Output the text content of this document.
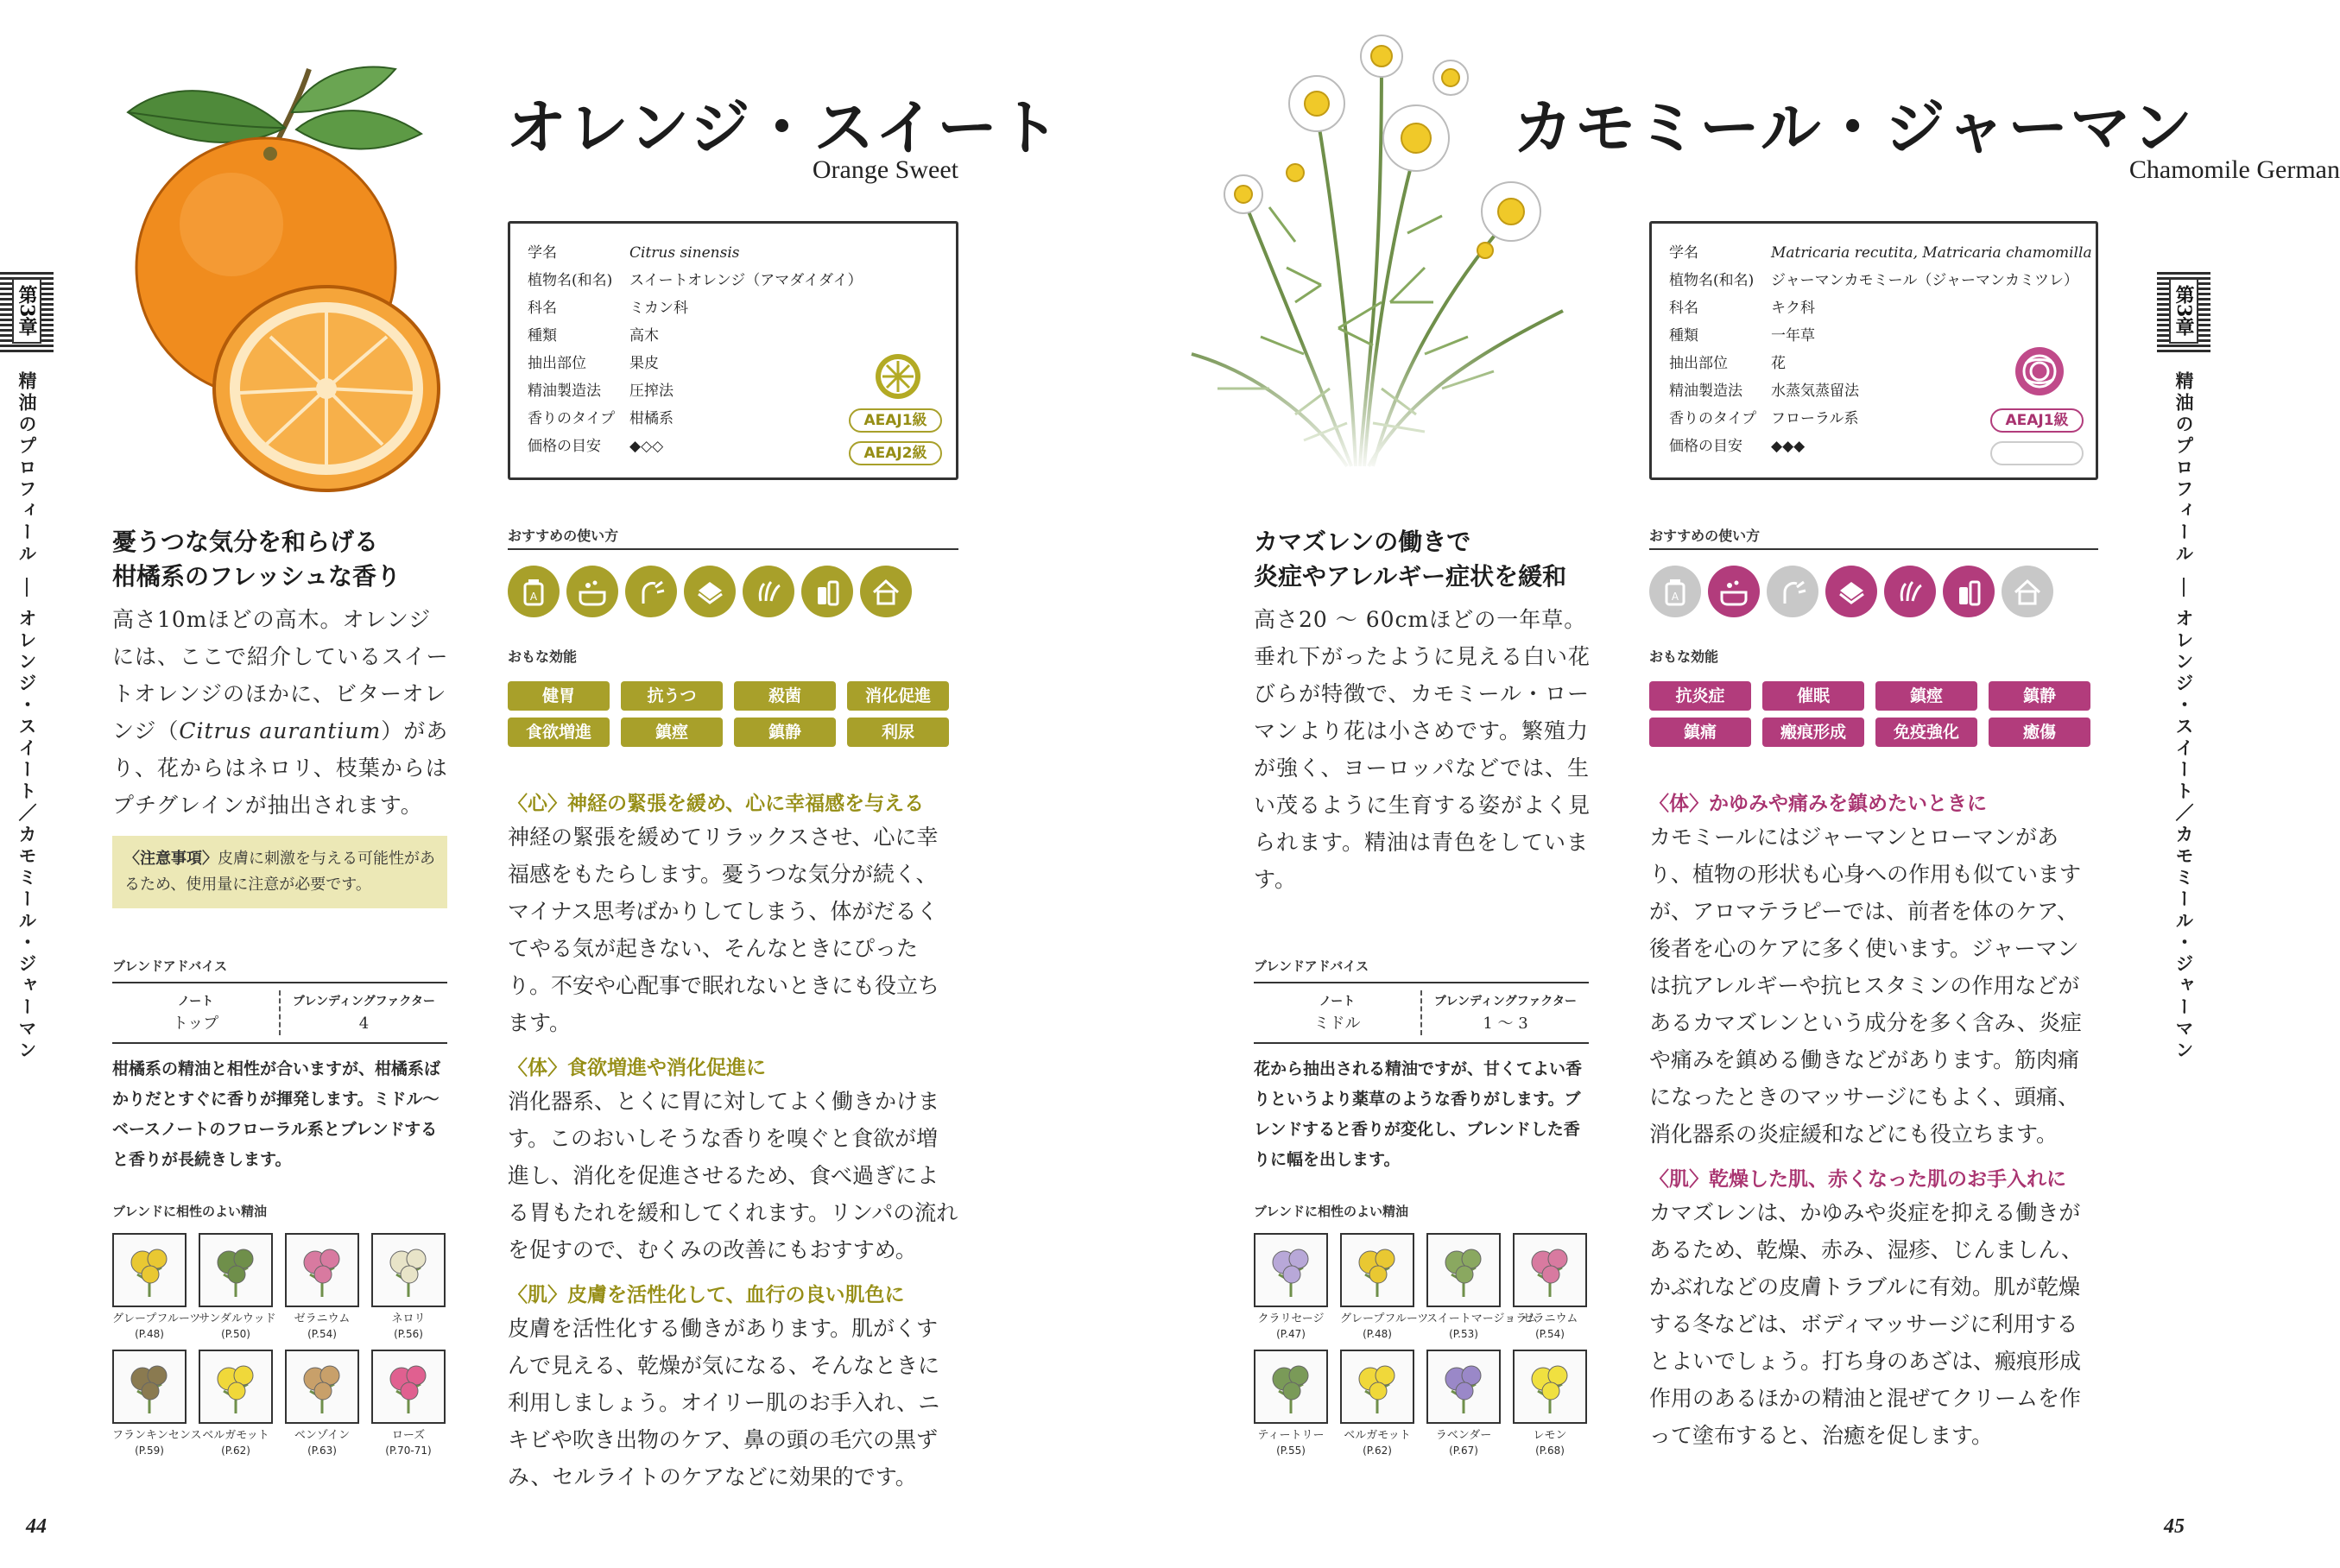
第3章
精油のプロフィール
オレンジ・スイート／カモミール・ジャーマン
オレンジ・スイート
Orange Sweet
学名	Citrus sinensis
植物名(和名)	スイートオレンジ（アマダイダイ）
科名	ミカン科
種類	高木
抽出部位	果皮
精油製造法	圧搾法
香りのタイプ 柑橘系
価格の目安	◆◇◇
AEAJ1級
AEAJ2級
憂うつな気分を和らげる
柑橘系のフレッシュな香り
高さ10mほどの高木。オレンジには、ここで紹介しているスイートオレンジのほかに、ビターオレンジ（Citrus aurantium）があり、花からはネロリ、枝葉からはプチグレインが抽出されます。
〈注意事項〉皮膚に刺激を与える可能性があるため、使用量に注意が必要です。
ブレンドアドバイス
ノート
トップ
ブレンディングファクター
4
柑橘系の精油と相性が合いますが、柑橘系ばかりだとすぐに香りが揮発します。ミドル～ベースノートのフローラル系とブレンドすると香りが長続きします。
ブレンドに相性のよい精油
グレープフルーツ
(P.48)
サンダルウッド
(P.50)
ゼラニウム
(P.54)
ネロリ
(P.56)
フランキンセンス
(P.59)
ベルガモット
(P.62)
ベンゾイン
(P.63)
ローズ
(P.70-71)
おすすめの使い方
A
おもな効能
健胃	抗うつ	殺菌	消化促進
食欲増進	鎮痙	鎮静	利尿
〈心〉神経の緊張を緩め、心に幸福感を与える
神経の緊張を緩めてリラックスさせ、心に幸福感をもたらします。憂うつな気分が続く、マイナス思考ばかりしてしまう、体がだるくてやる気が起きない、そんなときにぴったり。不安や心配事で眠れないときにも役立ちます。
〈体〉食欲増進や消化促進に
消化器系、とくに胃に対してよく働きかけます。このおいしそうな香りを嗅ぐと食欲が増進し、消化を促進させるため、食べ過ぎによる胃もたれを緩和してくれます。リンパの流れを促すので、むくみの改善にもおすすめ。
〈肌〉皮膚を活性化して、血行の良い肌色に
皮膚を活性化する働きがあります。肌がくすんで見える、乾燥が気になる、そんなときに利用しましょう。オイリー肌のお手入れ、ニキビや吹き出物のケア、鼻の頭の毛穴の黒ずみ、セルライトのケアなどに効果的です。
44
カモミール・ジャーマン
Chamomile German
学名	Matricaria recutita, Matricaria chamomilla
植物名(和名)	ジャーマンカモミール（ジャーマンカミツレ）
科名	キク科
種類	一年草
抽出部位	花
精油製造法	水蒸気蒸留法
香りのタイプ フローラル系
価格の目安	◆◆◆
AEAJ1級
カマズレンの働きで
炎症やアレルギー症状を緩和
高さ20 ～ 60cmほどの一年草。垂れ下がったように見える白い花びらが特徴で、カモミール・ローマンより花は小さめです。繁殖力が強く、ヨーロッパなどでは、生い茂るように生育する姿がよく見られます。精油は青色をしています。
ブレンドアドバイス
ノート
ミドル
ブレンディングファクター
1 ～ 3
花から抽出される精油ですが、甘くてよい香りというより薬草のような香りがします。ブレンドすると香りが変化し、ブレンドした香りに幅を出します。
ブレンドに相性のよい精油
クラリセージ
(P.47)
グレープフルーツ
(P.48)
スイートマージョラム
(P.53)
ゼラニウム
(P.54)
ティートリー
(P.55)
ベルガモット
(P.62)
ラベンダー
(P.67)
レモン
(P.68)
おすすめの使い方
A
おもな効能
抗炎症	催眠	鎮痙	鎮静
鎮痛	瘢痕形成	免疫強化	癒傷
〈体〉かゆみや痛みを鎮めたいときに
カモミールにはジャーマンとローマンがあり、植物の形状も心身への作用も似ていますが、アロマテラピーでは、前者を体のケア、後者を心のケアに多く使います。ジャーマンは抗アレルギーや抗ヒスタミンの作用などがあるカマズレンという成分を多く含み、炎症や痛みを鎮める働きなどがあります。筋肉痛になったときのマッサージにもよく、頭痛、消化器系の炎症緩和などにも役立ちます。
〈肌〉乾燥した肌、赤くなった肌のお手入れに
カマズレンは、かゆみや炎症を抑える働きがあるため、乾燥、赤み、湿疹、じんましん、かぶれなどの皮膚トラブルに有効。肌が乾燥する冬などは、ボディマッサージに利用するとよいでしょう。打ち身のあざは、瘢痕形成作用のあるほかの精油と混ぜてクリームを作って塗布すると、治癒を促します。
第3章
精油のプロフィール
オレンジ・スイート／カモミール・ジャーマン
45
